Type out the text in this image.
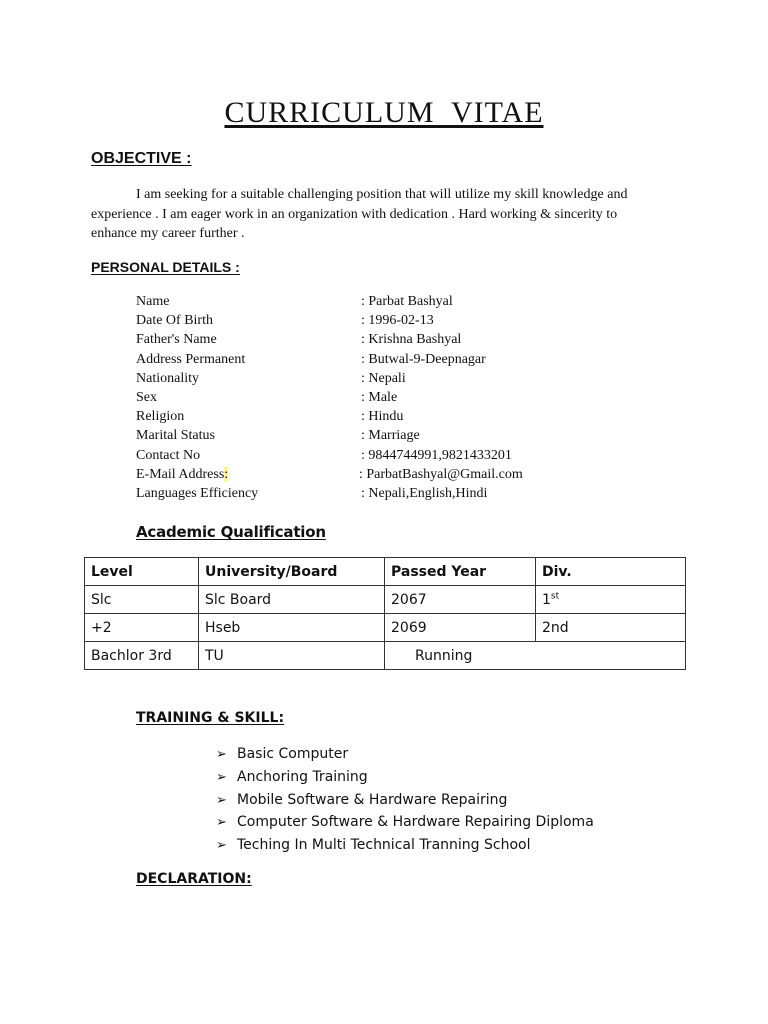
CURRICULUM  VITAE
OBJECTIVE :
I am seeking for a suitable challenging position that will utilize my skill knowledge and experience . I am eager work in an organization with dedication . Hard working & sincerity to enhance my career further .
PERSONAL DETAILS :
Name	: Parbat Bashyal
Date Of Birth	: 1996-02-13
Father's Name	: Krishna Bashyal
Address Permanent	: Butwal-9-Deepnagar
Nationality	: Nepali
Sex	: Male
Religion	: Hindu
Marital Status	: Marriage
Contact No	: 9844744991,9821433201
E-Mail Address:	: ParbatBashyal@Gmail.com
Languages Efficiency	: Nepali,English,Hindi
Academic Qualification
Level	University/Board	Passed Year	Div.
Slc	Slc Board	2067	1st
+2	Hseb	2069	2nd
Bachlor 3rd	TU	Running	
TRAINING & SKILL:
➢ Basic Computer
➢ Anchoring Training
➢ Mobile Software & Hardware Repairing
➢ Computer Software & Hardware Repairing Diploma
➢ Teching In Multi Technical Tranning School
DECLARATION:
